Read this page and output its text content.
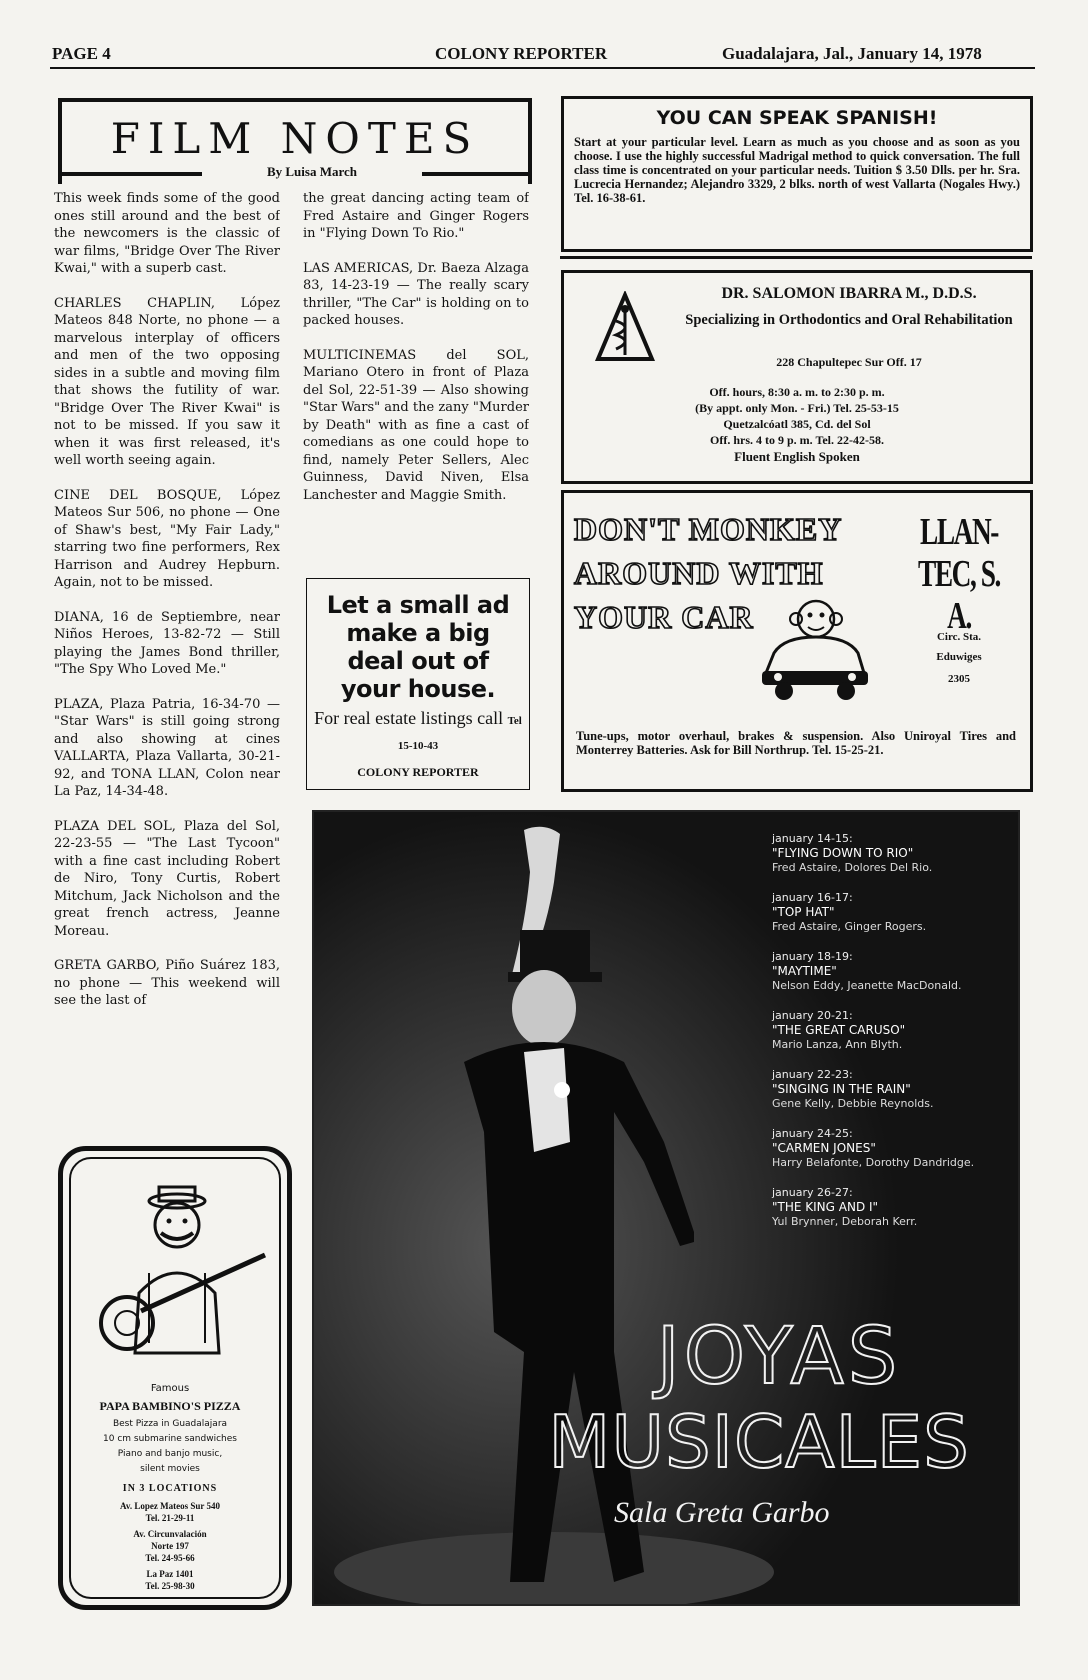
PAGE 4	COLONY REPORTER	Guadalajara, Jal., January 14, 1978
FILM NOTES
By Luisa March

This week finds some of the good ones still around and the best of the newcomers is the classic of war films, "Bridge Over The River Kwai," with a superb cast.

CHARLES CHAPLIN, López Mateos 848 Norte, no phone — a marvelous interplay of officers and men of the two opposing sides in a subtle and moving film that shows the futility of war. "Bridge Over The River Kwai" is not to be missed. If you saw it when it was first released, it's well worth seeing again.

CINE DEL BOSQUE, López Mateos Sur 506, no phone — One of Shaw's best, "My Fair Lady," starring two fine performers, Rex Harrison and Audrey Hepburn. Again, not to be missed.

DIANA, 16 de Septiembre, near Niños Heroes, 13-82-72 — Still playing the James Bond thriller, "The Spy Who Loved Me."

PLAZA, Plaza Patria, 16-34-70 — "Star Wars" is still going strong and also showing at cines VALLARTA, Plaza Vallarta, 30-21-92, and TONA LLAN, Colon near La Paz, 14-34-48.

PLAZA DEL SOL, Plaza del Sol, 22-23-55 — "The Last Tycoon" with a fine cast including Robert de Niro, Tony Curtis, Robert Mitchum, Jack Nicholson and the great french actress, Jeanne Moreau.

GRETA GARBO, Piño Suárez 183, no phone — This weekend will see the last of

the great dancing acting team of Fred Astaire and Ginger Rogers in "Flying Down To Rio."

LAS AMERICAS, Dr. Baeza Alzaga 83, 14-23-19 — The really scary thriller, "The Car" is holding on to packed houses.

MULTICINEMAS del SOL, Mariano Otero in front of Plaza del Sol, 22-51-39 — Also showing "Star Wars" and the zany "Murder by Death" with as fine a cast of comedians as one could hope to find, namely Peter Sellers, Alec Guinness, David Niven, Elsa Lanchester and Maggie Smith.

Let a small ad make a big deal out of your house.
For real estate listings call Tel 15-10-43
COLONY REPORTER
YOU CAN SPEAK SPANISH!
Start at your particular level. Learn as much as you choose and as soon as you choose. I use the highly successful Madrigal method to quick conversation. The full class time is concentrated on your particular needs. Tuition $ 3.50 Dlls. per hr. Sra. Lucrecia Hernandez; Alejandro 3329, 2 blks. north of west Vallarta (Nogales Hwy.) Tel. 16-38-61.
DR. SALOMON IBARRA M., D.D.S.
Specializing in Orthodontics and Oral Rehabilitation
228 Chapultepec Sur Off. 17
Off. hours, 8:30 a. m. to 2:30 p. m.
(By appt. only Mon. - Fri.) Tel. 25-53-15
Quetzalcóatl 385, Cd. del Sol
Off. hrs. 4 to 9 p. m. Tel. 22-42-58.
Fluent English Spoken
DON'T MONKEY
AROUND WITH
YOUR CAR
LLAN-TEC, S. A.
Circ. Sta.
Eduwiges
2305
Tune-ups, motor overhaul, brakes & suspension. Also Uniroyal Tires and Monterrey Batteries. Ask for Bill Northrup. Tel. 15-25-21.
Famous
PAPA BAMBINO'S PIZZA
Best Pizza in Guadalajara
10 cm submarine sandwiches
Piano and banjo music,
silent movies
IN 3 LOCATIONS
Av. Lopez Mateos Sur 540
Tel. 21-29-11
Av. Circunvalación
Norte 197
Tel. 24-95-66
La Paz 1401
Tel. 25-98-30
january 14-15:
"FLYING DOWN TO RIO"
Fred Astaire, Dolores Del Rio.
january 16-17:
"TOP HAT"
Fred Astaire, Ginger Rogers.
january 18-19:
"MAYTIME"
Nelson Eddy, Jeanette MacDonald.
january 20-21:
"THE GREAT CARUSO"
Mario Lanza, Ann Blyth.
january 22-23:
"SINGING IN THE RAIN"
Gene Kelly, Debbie Reynolds.
january 24-25:
"CARMEN JONES"
Harry Belafonte, Dorothy Dandridge.
january 26-27:
"THE KING AND I"
Yul Brynner, Deborah Kerr.
JOYAS
MUSICALES
Sala Greta Garbo
